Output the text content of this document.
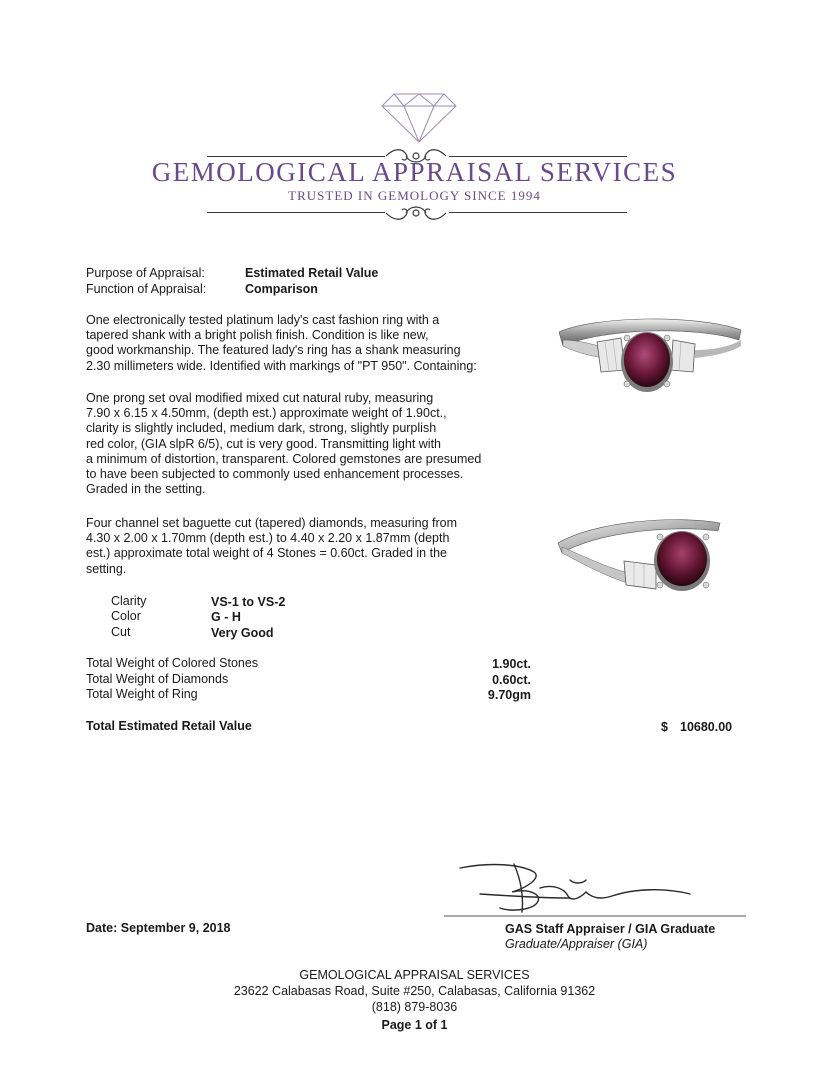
GEMOLOGICAL APPRAISAL SERVICES
TRUSTED IN GEMOLOGY SINCE 1994
Purpose of Appraisal:	Estimated Retail Value
Function of Appraisal:	Comparison
One electronically tested platinum lady's cast fashion ring with a
tapered shank with a bright polish finish. Condition is like new,
good workmanship. The featured lady's ring has a shank measuring
2.30 millimeters wide. Identified with markings of "PT 950". Containing:
One prong set oval modified mixed cut natural ruby, measuring
7.90 x 6.15 x 4.50mm, (depth est.) approximate weight of 1.90ct.,
clarity is slightly included, medium dark, strong, slightly purplish
red color, (GIA slpR 6/5), cut is very good. Transmitting light with
a minimum of distortion, transparent. Colored gemstones are presumed
to have been subjected to commonly used enhancement processes.
Graded in the setting.
Four channel set baguette cut (tapered) diamonds, measuring from
4.30 x 2.00 x 1.70mm (depth est.) to 4.40 x 2.20 x 1.87mm (depth
est.) approximate total weight of 4 Stones = 0.60ct. Graded in the
setting.
Clarity	VS-1 to VS-2
Color	G - H
Cut	Very Good
Total Weight of Colored Stones	1.90ct.
Total Weight of Diamonds	0.60ct.
Total Weight of Ring	9.70gm
Total Estimated Retail Value	$ 10680.00
Date: September 9, 2018	GAS Staff Appraiser / GIA Graduate
Graduate/Appraiser (GIA)
GEMOLOGICAL APPRAISAL SERVICES
23622 Calabasas Road, Suite #250, Calabasas, California 91362
(818) 879-8036
Page 1 of 1
